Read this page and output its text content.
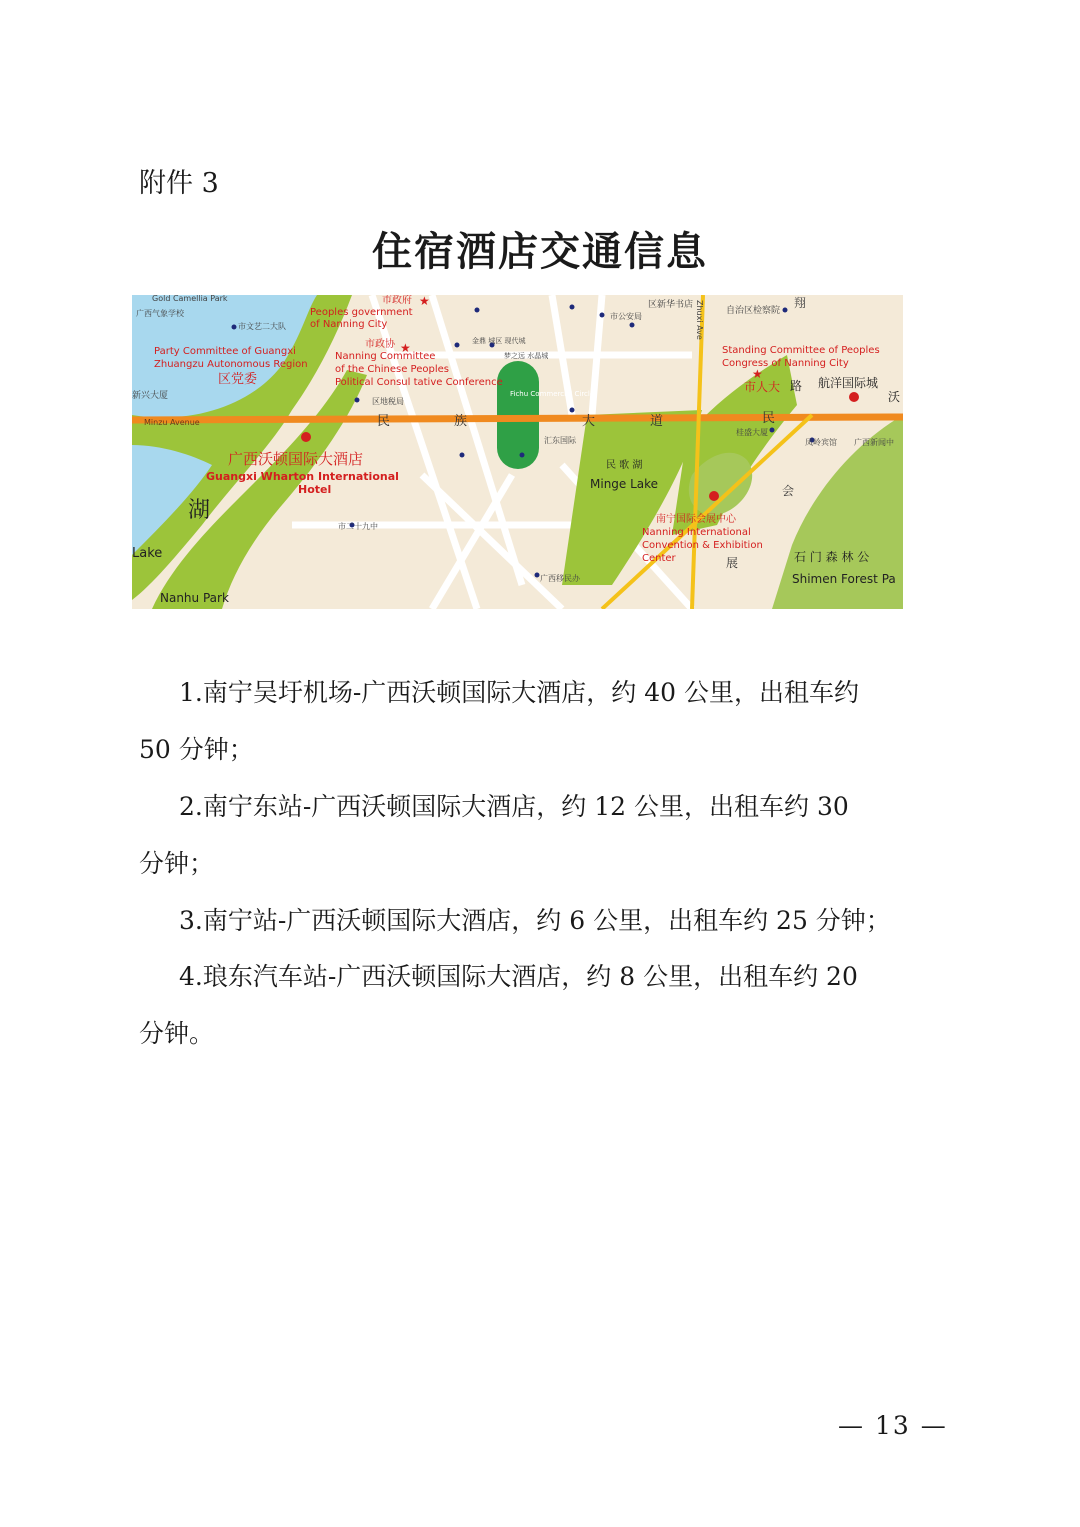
附件 3
住宿酒店交通信息
★
★
★
Gold Camellia Park
广西气象学校
市文艺二大队
市政府
Peoples government
of Nanning City
区新华书店 Zhuxi Ave 自治区检察院
翔
市公安局
Party Committee of Guangxi
Zhuangzu Autonomous Region
区党委
市政协
Nanning Committee
of the Chinese Peoples
Political Consul tative Conference
金鼎 城区 现代城
梦之远 水晶城
Fichu Commercial Circle
Standing Committee of Peoples
Congress of Nanning City
市人大 路 航洋国际城
沃
新兴大厦
区地税局
Minzu Avenue	民	族	大	道	民
汇东国际
桂盛大厦
凤岭宾馆 广西新闻中
广西沃顿国际大酒店
Guangxi Wharton International
Hotel
民 歌 湖
Minge Lake
湖
Lake
市二十九中
南宁国际会展中心
Nanning International
Convention & Exhibition
Center	石 门 森 林 公
Shimen Forest Pa
广西移民办
Nanhu Park
会
展
1.南宁吴圩机场-广西沃顿国际大酒店，约 40 公里，出租车约
50 分钟；
2.南宁东站-广西沃顿国际大酒店，约 12 公里，出租车约 30
分钟；
3.南宁站-广西沃顿国际大酒店，约 6 公里，出租车约 25 分钟；
4.琅东汽车站-广西沃顿国际大酒店，约 8 公里，出租车约 20
分钟。
— 13 —
